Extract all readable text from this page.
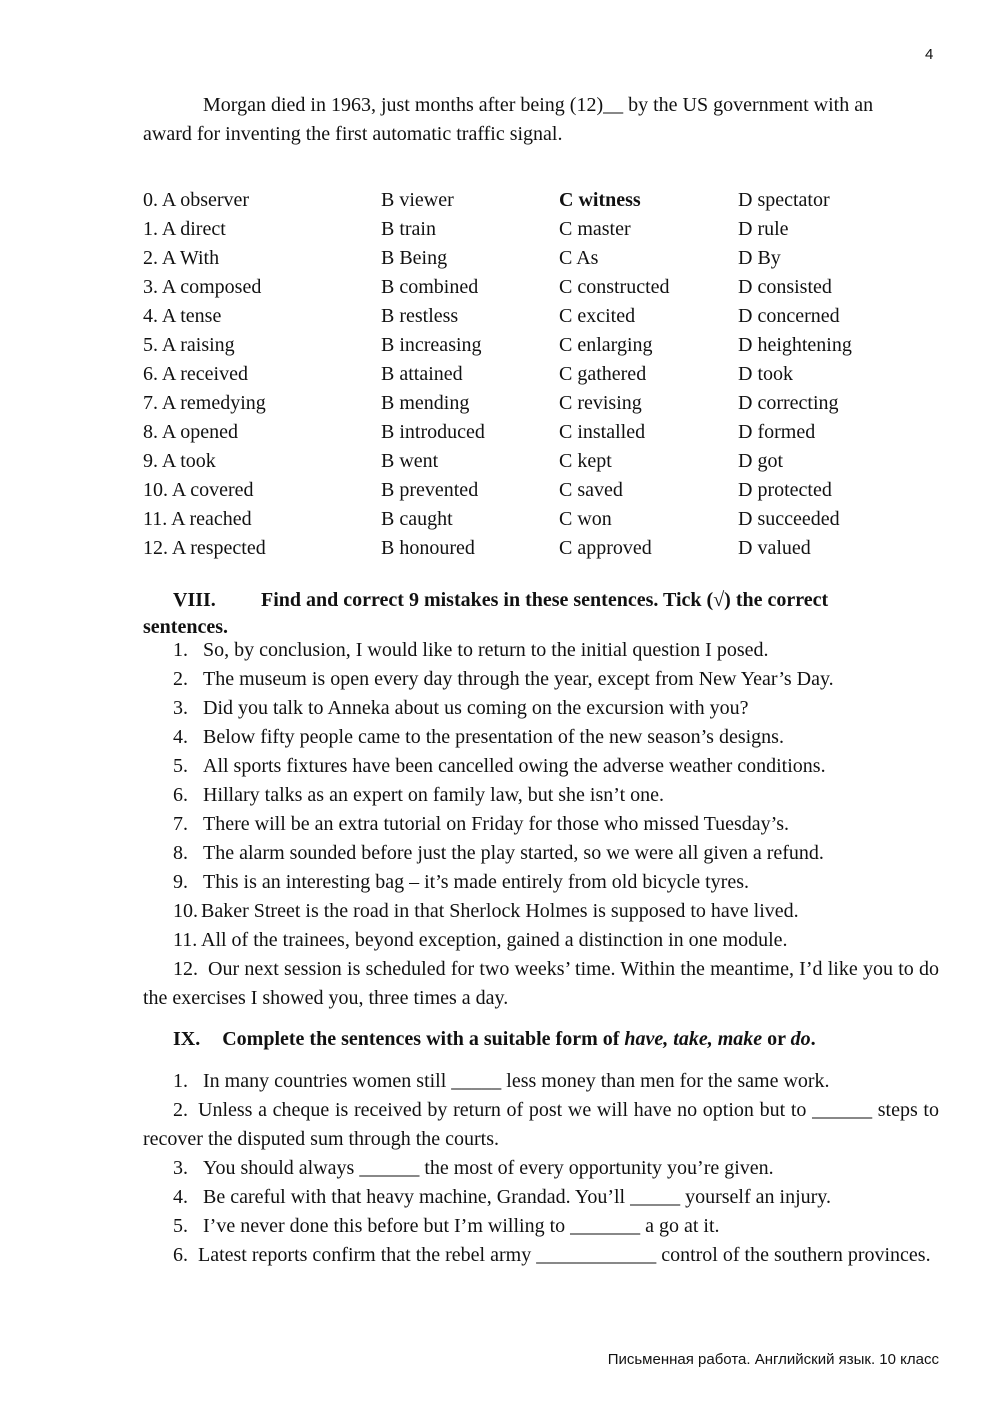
4
Morgan died in 1963, just months after being (12)__ by the US government with an
award for inventing the first automatic traffic signal.
0. A observer	B viewer	C witness	D spectator
1. A direct	B train	C master	D rule
2. A With	B Being	C As	D By
3. A composed	B combined	C constructed	D consisted
4. A tense	B restless	C excited	D concerned
5. A raising	B increasing	C enlarging	D heightening
6. A received	B attained	C gathered	D took
7. A remedying	B mending	C revising	D correcting
8. A opened	B introduced	C installed	D formed
9. A took	B went	C kept	D got
10. A covered	B prevented	C saved	D protected
11. A reached	B caught	C won	D succeeded
12. A respected	B honoured	C approved	D valued
VIII. Find and correct 9 mistakes in these sentences. Tick (√) the correct
sentences.
1. So, by conclusion, I would like to return to the initial question I posed.
2. The museum is open every day through the year, except from New Year’s Day.
3. Did you talk to Anneka about us coming on the excursion with you?
4. Below fifty people came to the presentation of the new season’s designs.
5. All sports fixtures have been cancelled owing the adverse weather conditions.
6. Hillary talks as an expert on family law, but she isn’t one.
7. There will be an extra tutorial on Friday for those who missed Tuesday’s.
8. The alarm sounded before just the play started, so we were all given a refund.
9. This is an interesting bag – it’s made entirely from old bicycle tyres.
10. Baker Street is the road in that Sherlock Holmes is supposed to have lived.
11. All of the trainees, beyond exception, gained a distinction in one module.
12. Our next session is scheduled for two weeks’ time. Within the meantime, I’d like you to do the exercises I showed you, three times a day.
IX. Complete the sentences with a suitable form of have, take, make or do.
1. In many countries women still _____ less money than men for the same work.
2. Unless a cheque is received by return of post we will have no option but to ______ steps to recover the disputed sum through the courts.
3. You should always ______ the most of every opportunity you’re given.
4. Be careful with that heavy machine, Grandad. You’ll _____ yourself an injury.
5. I’ve never done this before but I’m willing to _______ a go at it.
6. Latest reports confirm that the rebel army ____________ control of the southern provinces.
Письменная работа. Английский язык. 10 класс
